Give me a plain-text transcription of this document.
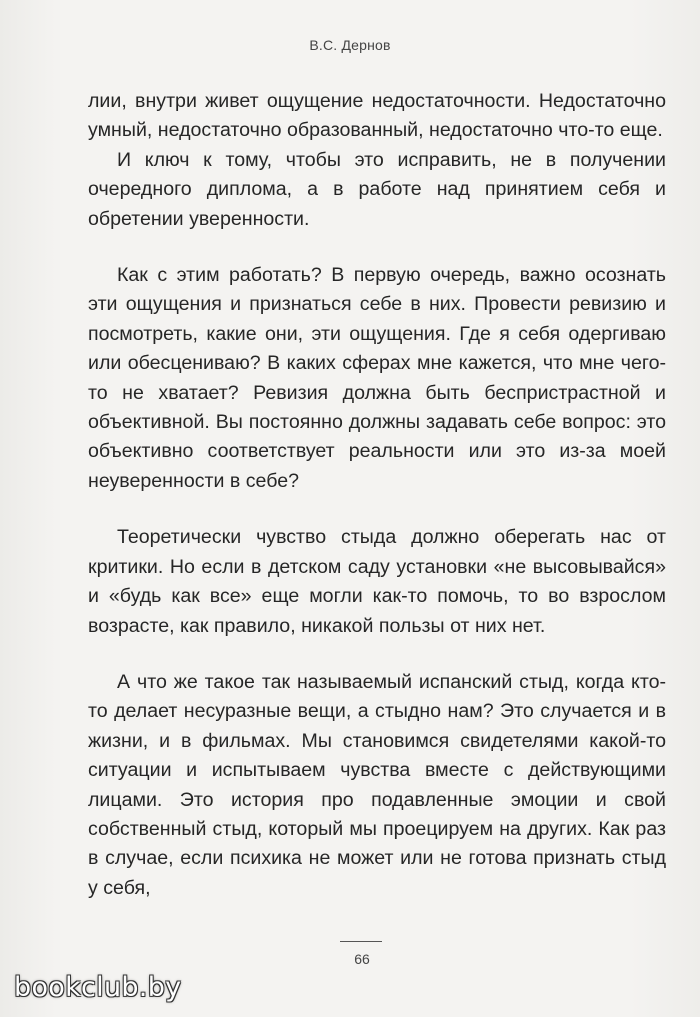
В.С. Дернов

лии, внутри живет ощущение недостаточности. Недостаточно умный, недостаточно образованный, недостаточно что-то еще.

И ключ к тому, чтобы это исправить, не в получении очередного диплома, а в работе над принятием себя и обретении уверенности.

Как с этим работать? В первую очередь, важно осознать эти ощущения и признаться себе в них. Провести ревизию и посмотреть, какие они, эти ощущения. Где я себя одергиваю или обесцениваю? В каких сферах мне кажется, что мне чего-то не хватает? Ревизия должна быть беспристрастной и объективной. Вы постоянно должны задавать себе вопрос: это объективно соответствует реальности или это из-за моей неуверенности в себе?

Теоретически чувство стыда должно оберегать нас от критики. Но если в детском саду установки «не высовывайся» и «будь как все» еще могли как-то помочь, то во взрослом возрасте, как правило, никакой пользы от них нет.

А что же такое так называемый испанский стыд, когда кто-то делает несуразные вещи, а стыдно нам? Это случается и в жизни, и в фильмах. Мы становимся свидетелями какой-то ситуации и испытываем чувства вместе с действующими лицами. Это история про подавленные эмоции и свой собственный стыд, который мы проецируем на других. Как раз в случае, если психика не может или не готова признать стыд у себя,

66
bookclub.by
